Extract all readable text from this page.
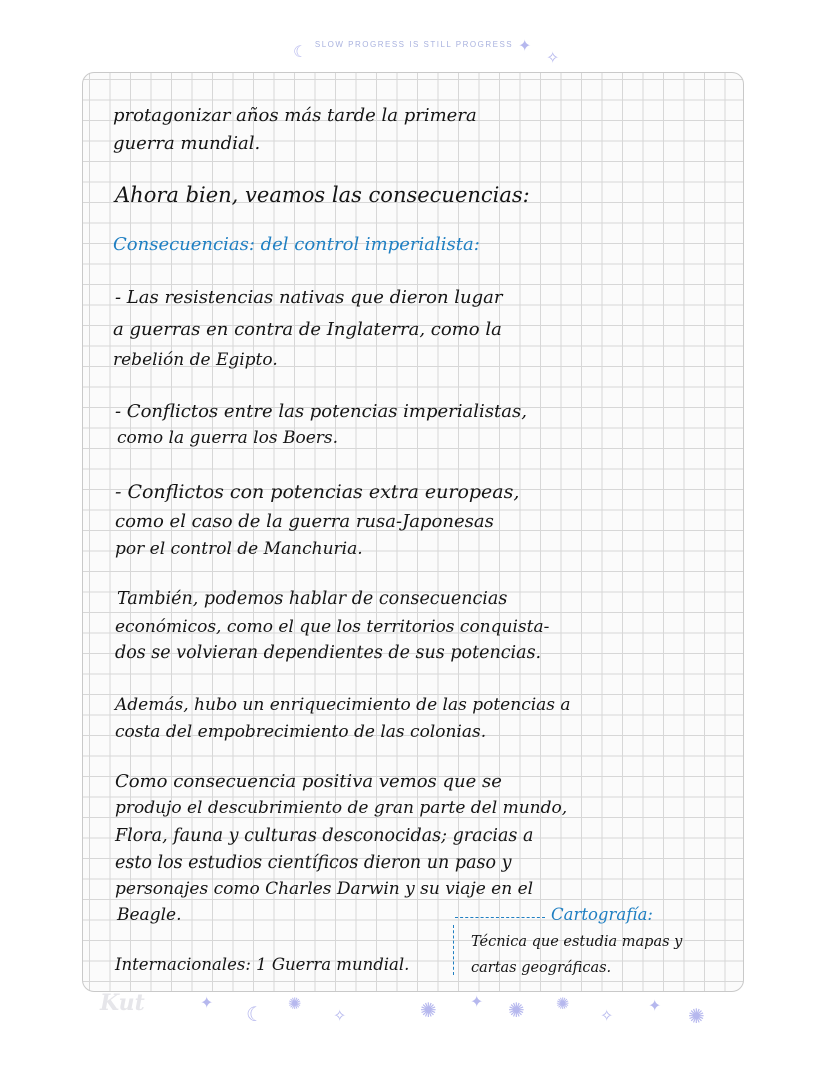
SLOW PROGRESS IS STILL PROGRESS
☾	✦
✧
protagonizar años más tarde la primera
guerra mundial.
Ahora bien, veamos las consecuencias:
Consecuencias: del control imperialista:
- Las resistencias nativas que dieron lugar
a guerras en contra de Inglaterra, como la
rebelión de Egipto.
- Conflictos entre las potencias imperialistas,
como la guerra los Boers.
- Conflictos con potencias extra europeas,
como el caso de la guerra rusa-Japonesas
por el control de Manchuria.
También, podemos hablar de consecuencias
económicos, como el que los territorios conquista-
dos se volvieran dependientes de sus potencias.
Además, hubo un enriquecimiento de las potencias a
costa del empobrecimiento de las colonias.
Como consecuencia positiva vemos que se
produjo el descubrimiento de gran parte del mundo,
Flora, fauna y culturas desconocidas; gracias a
esto los estudios científicos dieron un paso y
personajes como Charles Darwin y su viaje en el
Beagle.	Cartografía:
Técnica que estudia mapas y
cartas geográficas.
Internacionales: 1 Guerra mundial.
Kut	✦ ☾ ✺
✧	✺ ✦ ✺ ✺
✧
✦ ✺
